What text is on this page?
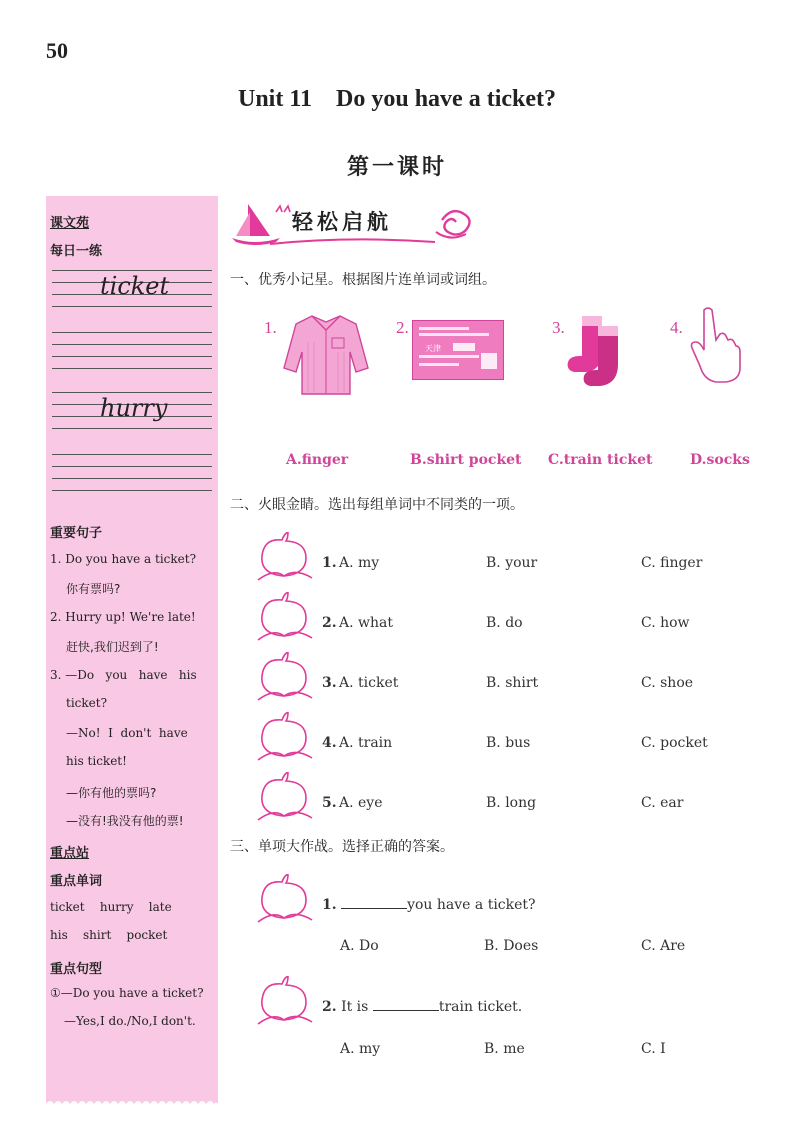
50
Unit 11    Do you have a ticket?
第一课时
课文苑
每日一练
ticket
hurry
重要句子
1. Do you have a ticket?
你有票吗?
2. Hurry up! We're late!
赶快,我们迟到了!
3. —Do   you   have   his
ticket?
—No!  I  don't  have
his ticket!
—你有他的票吗?
—没有!我没有他的票!
重点站
重点单词
ticket    hurry    late
his    shirt    pocket
重点句型
①—Do you have a ticket?
—Yes,I do./No,I don't.
轻松启航
一、优秀小记星。根据图片连单词或词组。
1.	2.
天津
3.	4.
A.finger	B.shirt pocket C.train ticket	D.socks
二、火眼金睛。选出每组单词中不同类的一项。
1. A. my	B. your	C. finger
2. A. what	B. do	C. how
3. A. ticket	B. shirt	C. shoe
4. A. train	B. bus	C. pocket
5. A. eye	B. long	C. ear
三、单项大作战。选择正确的答案。
1.	you have a ticket?
A. Do	B. Does	C. Are
2. It is	train ticket.
A. my	B. me	C. I
